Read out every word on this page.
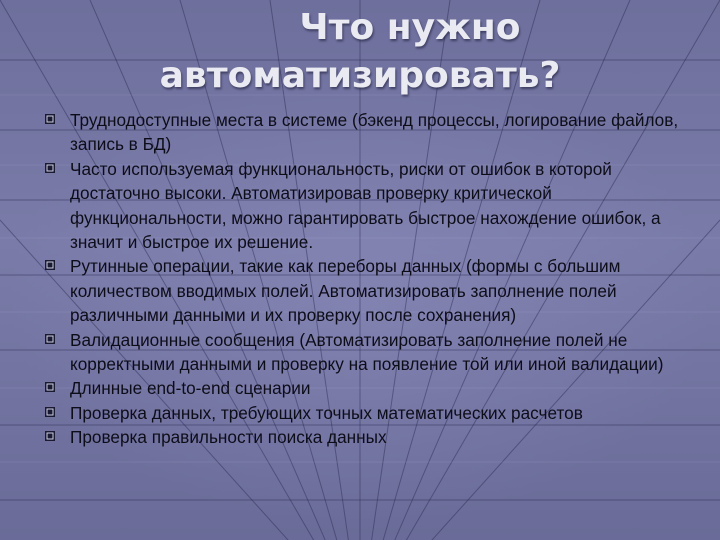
Что нужно
автоматизировать?
Труднодоступные места в системе (бэкенд процессы, логирование файлов, запись в БД)
Часто используемая функциональность, риски от ошибок в которой достаточно высоки. Автоматизировав проверку критической функциональности, можно гарантировать быстрое нахождение ошибок, а значит и быстрое их решение.
Рутинные операции, такие как переборы данных (формы с большим количеством вводимых полей. Автоматизировать заполнение полей различными данными и их проверку после сохранения)
Валидационные сообщения (Автоматизировать заполнение полей не корректными данными и проверку на появление той или иной валидации)
Длинные end-to-end сценарии
Проверка данных, требующих точных математических расчетов
Проверка правильности поиска данных
